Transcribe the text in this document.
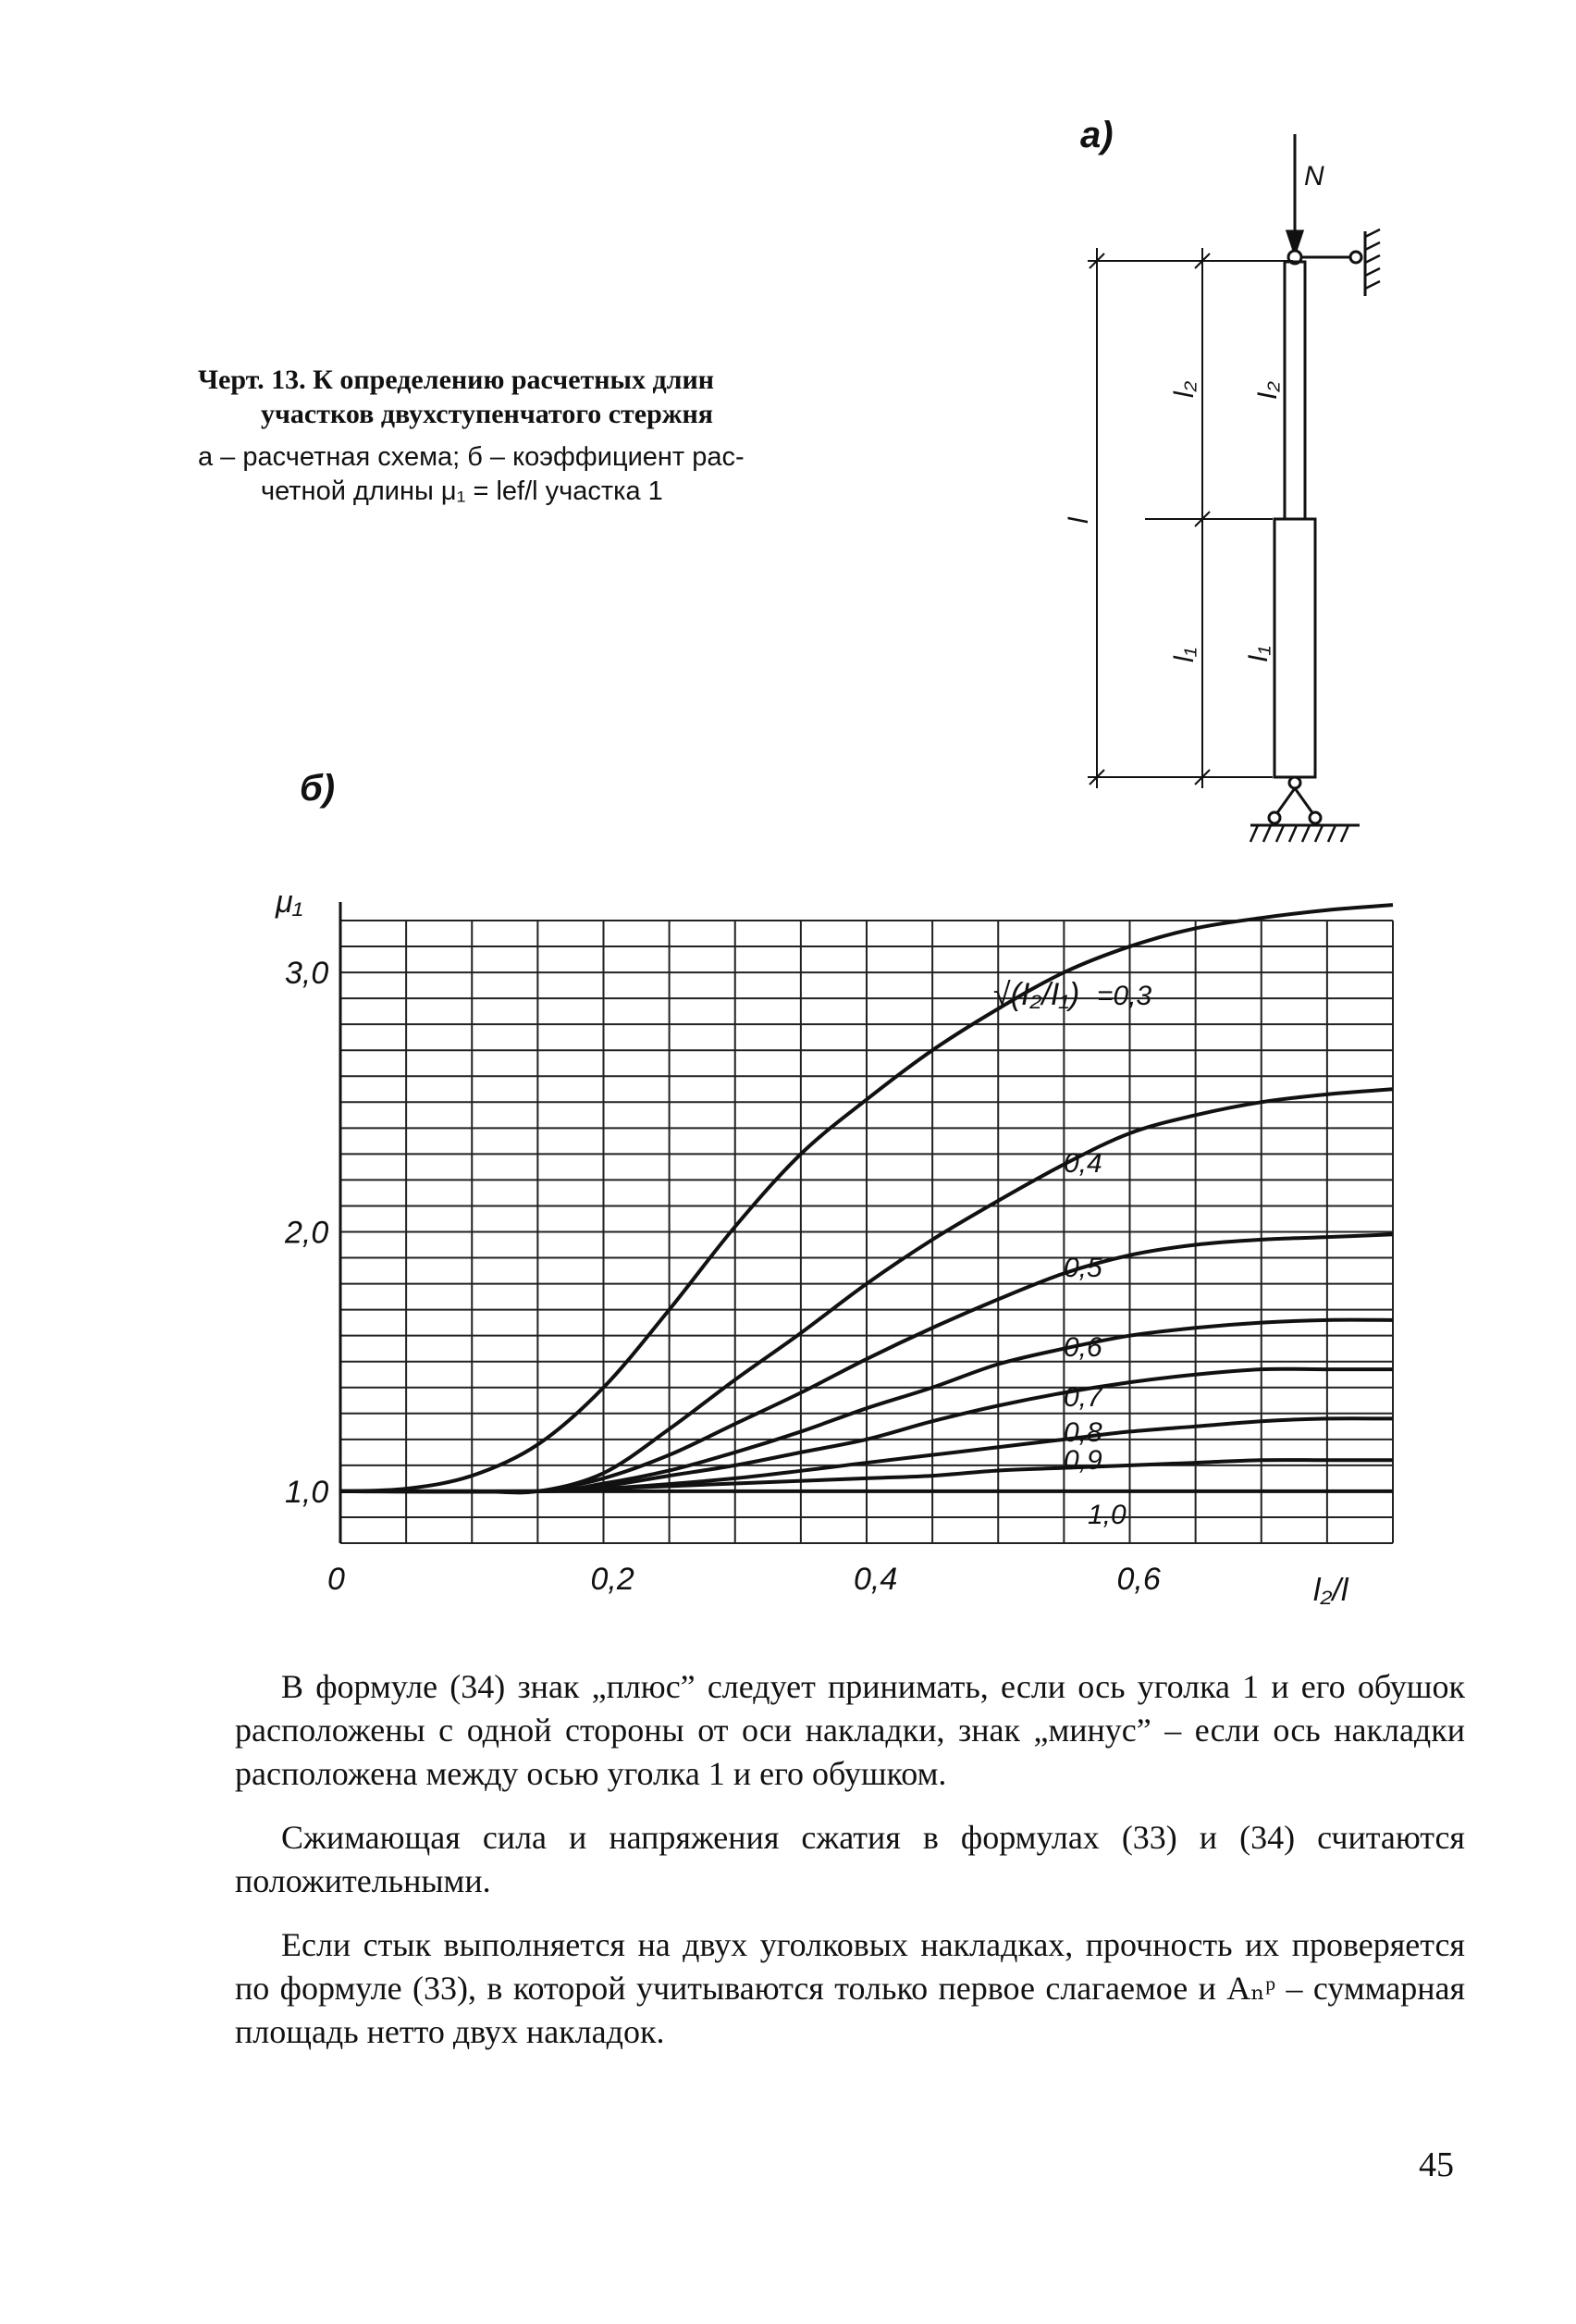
Черт. 13. К определению расчетных длин
участков двухступенчатого стержня
а – расчетная схема; б – коэффициент рас-
четной длины μ₁ = lef/l участка 1
а)
б)
N
l
l₂
l₁
I₂
I₁
0	0,2	0,4	0,6
1,0
2,0
3,0
=0,3
0,4
0,5
0,6
0,7
0,8
0,9
1,0
μ₁
l₂/l
√(I₂/I₁)

В формуле (34) знак „плюс” следует принимать, если ось уголка 1 и его обушок расположены с одной стороны от оси накладки, знак „минус” – если ось накладки расположена между осью уголка 1 и его обушком.

Сжимающая сила и напряжения сжатия в формулах (33) и (34) считаются положительными.

Если стык выполняется на двух уголковых накладках, прочность их проверяется по формуле (33), в которой учитываются только первое слагаемое и Aₙᵖ – суммарная площадь нетто двух накладок.

45
